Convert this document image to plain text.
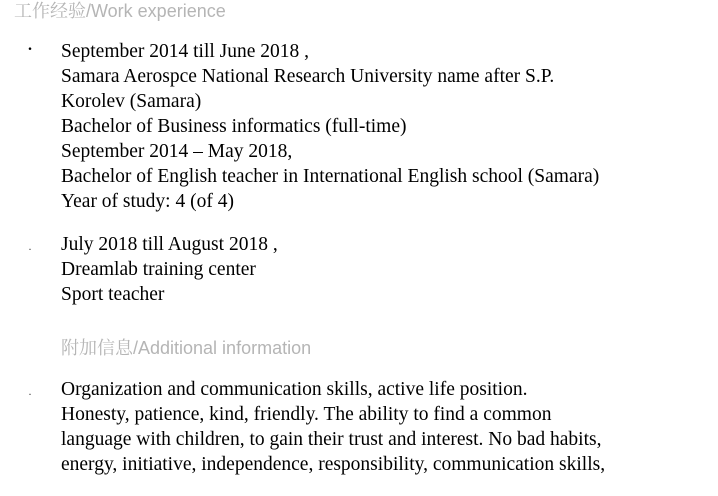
工作经验/Work experience
. September 2014 till June 2018 ,
Samara Aerospce National Research University name after S.P.
Korolev (Samara)
Bachelor of Business informatics (full-time)
September 2014 – May 2018,
Bachelor of English teacher in International English school (Samara)
Year of study: 4 (of 4)
. July 2018 till August 2018 ,
Dreamlab training center
Sport teacher
附加信息/Additional information
. Organization and communication skills, active life position.
Honesty, patience, kind, friendly. The ability to find a common
language with children, to gain their trust and interest. No bad habits,
energy, initiative, independence, responsibility, communication skills,
